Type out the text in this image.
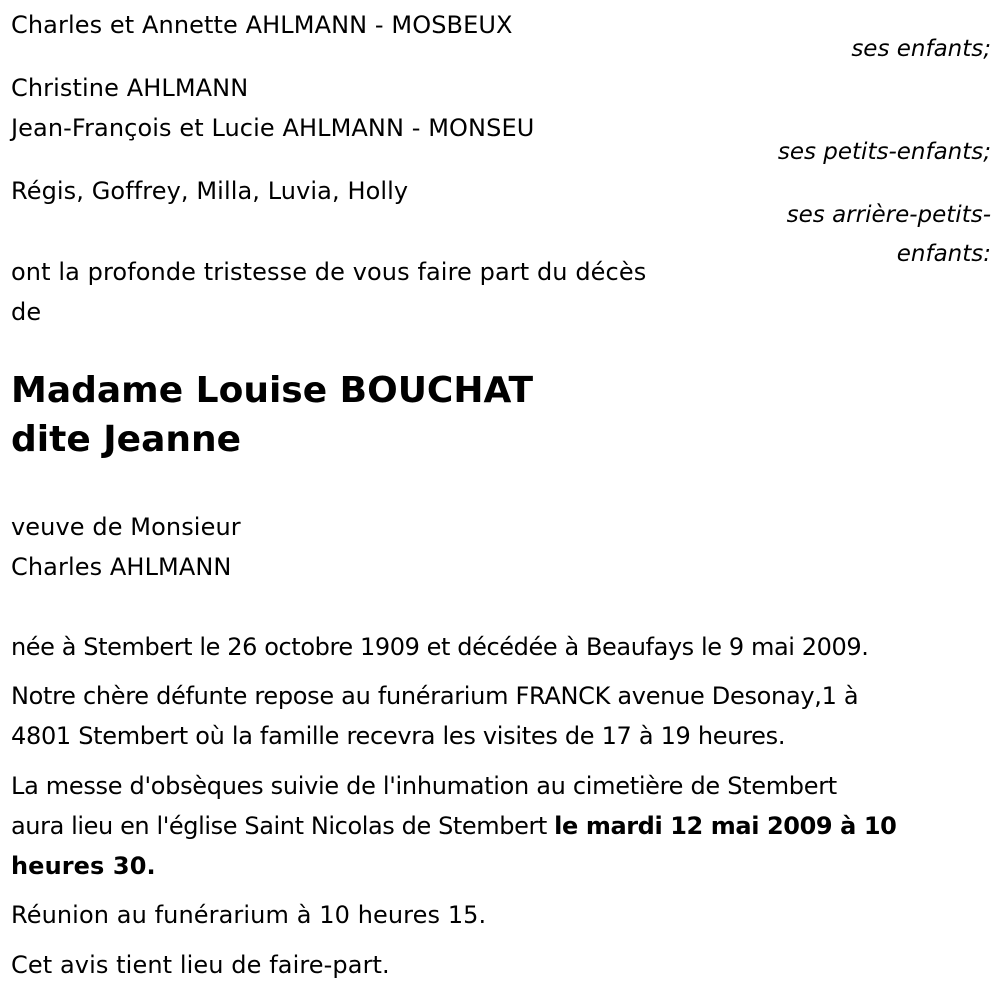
Charles et Annette AHLMANN - MOSBEUX
ses enfants;
Christine AHLMANN
Jean-François et Lucie AHLMANN - MONSEU
ses petits-enfants;
Régis, Goffrey, Milla, Luvia, Holly
ses arrière-petits-
enfants:
ont la profonde tristesse de vous faire part du décès
de
Madame Louise BOUCHAT
dite Jeanne
veuve de Monsieur
Charles AHLMANN
née à Stembert le 26 octobre 1909 et décédée à Beaufays le 9 mai 2009.
Notre chère défunte repose au funérarium FRANCK avenue Desonay,1 à
4801 Stembert où la famille recevra les visites de 17 à 19 heures.
La messe d'obsèques suivie de l'inhumation au cimetière de Stembert
aura lieu en l'église Saint Nicolas de Stembert le mardi 12 mai 2009 à 10
heures 30.
Réunion au funérarium à 10 heures 15.
Cet avis tient lieu de faire-part.
